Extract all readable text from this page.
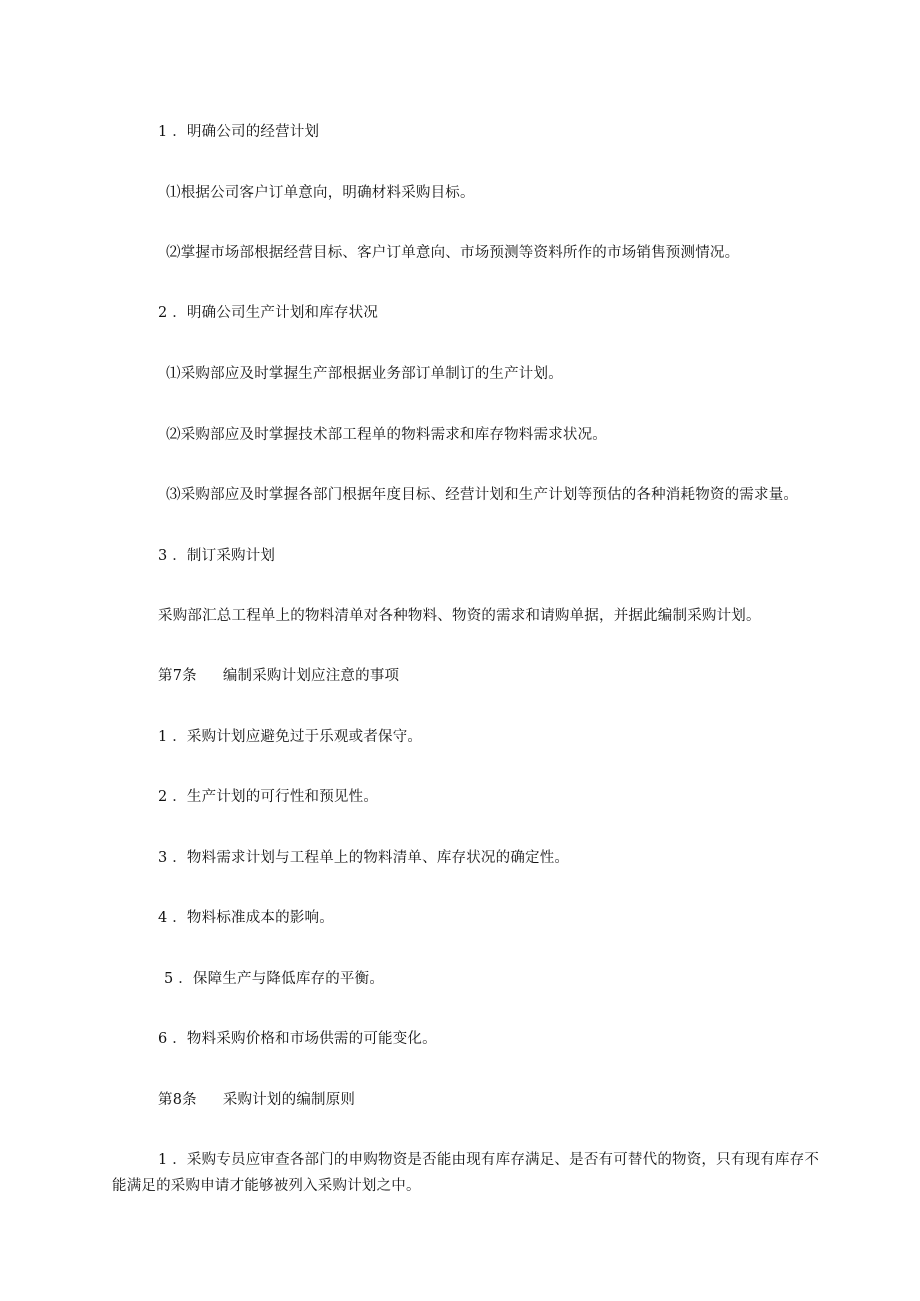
1 ．明确公司的经营计划
⑴根据公司客户订单意向，明确材料采购目标。
⑵掌握市场部根据经营目标、客户订单意向、市场预测等资料所作的市场销售预测情况。
2 ．明确公司生产计划和库存状况
⑴采购部应及时掌握生产部根据业务部订单制订的生产计划。
⑵采购部应及时掌握技术部工程单的物料需求和库存物料需求状况。
⑶采购部应及时掌握各部门根据年度目标、经营计划和生产计划等预估的各种消耗物资的需求量。
3 ．制订采购计划
采购部汇总工程单上的物料清单对各种物料、物资的需求和请购单据，并据此编制采购计划。
第7条 编制采购计划应注意的事项
1 ．采购计划应避免过于乐观或者保守。
2 ．生产计划的可行性和预见性。
3 ．物料需求计划与工程单上的物料清单、库存状况的确定性。
4 ．物料标准成本的影响。
5 ．保障生产与降低库存的平衡。
6 ．物料采购价格和市场供需的可能变化。
第8条 采购计划的编制原则
1 ．采购专员应审查各部门的申购物资是否能由现有库存满足、是否有可替代的物资，只有现有库存不能满足的采购申请才能够被列入采购计划之中。
